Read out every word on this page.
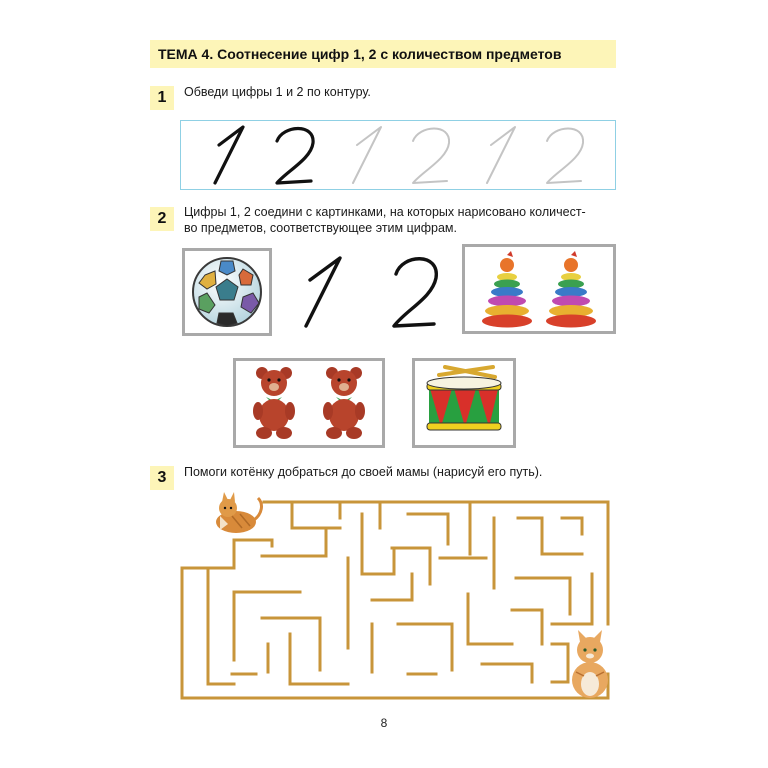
ТЕМА 4. Соотнесение цифр 1, 2 с количеством предметов
1	Обведи цифры 1 и 2 по контуру.
2	Цифры 1, 2 соедини с картинками, на которых нарисовано количест-
во предметов, соответствующее этим цифрам.
3	Помоги котёнку добраться до своей мамы (нарисуй его путь).
8
